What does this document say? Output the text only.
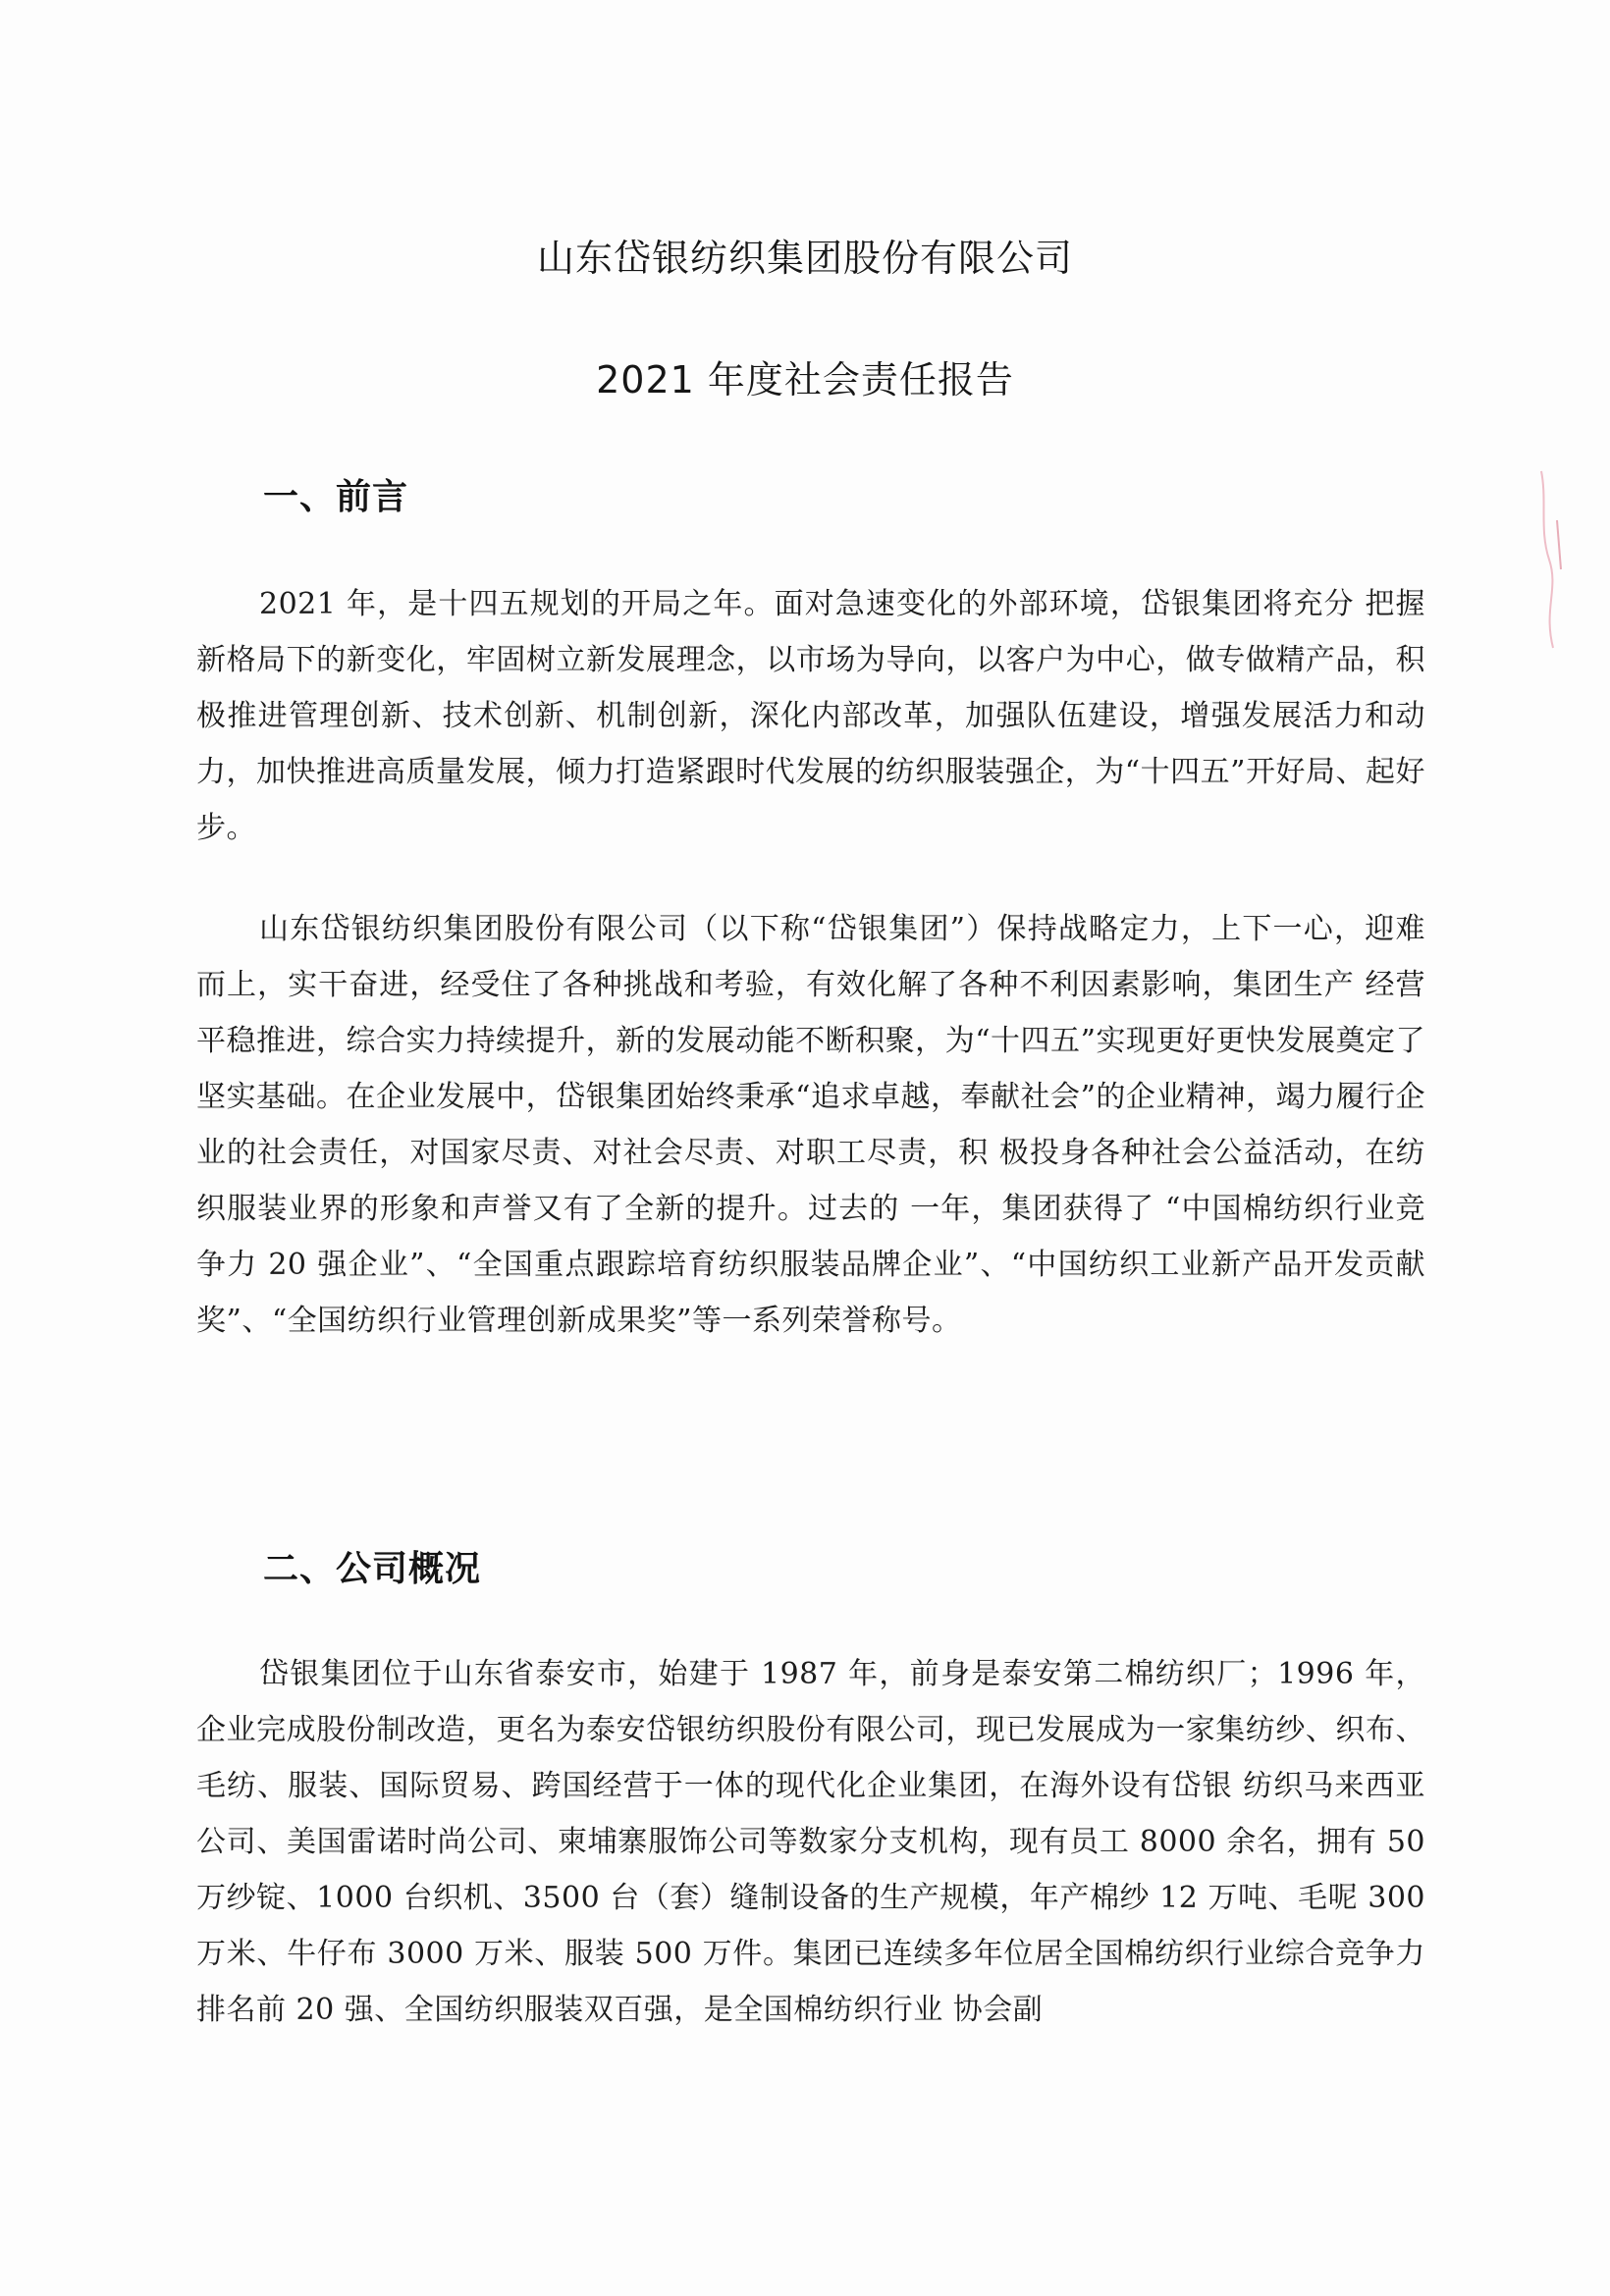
山东岱银纺织集团股份有限公司
2021 年度社会责任报告
一、前言

2021 年，是十四五规划的开局之年。面对急速变化的外部环境，岱银集团将充分 把握新格局下的新变化，牢固树立新发展理念，以市场为导向，以客户为中心，做专做精产品，积极推进管理创新、技术创新、机制创新，深化内部改革，加强队伍建设，增强发展活力和动力，加快推进高质量发展，倾力打造紧跟时代发展的纺织服装强企，为“十四五”开好局、起好步。

山东岱银纺织集团股份有限公司（以下称“岱银集团”）保持战略定力，上下一心，迎难而上，实干奋进，经受住了各种挑战和考验，有效化解了各种不利因素影响，集团生产 经营平稳推进，综合实力持续提升，新的发展动能不断积聚，为“十四五”实现更好更快发展奠定了坚实基础。在企业发展中，岱银集团始终秉承“追求卓越，奉献社会”的企业精神，竭力履行企业的社会责任，对国家尽责、对社会尽责、对职工尽责，积 极投身各种社会公益活动，在纺织服装业界的形象和声誉又有了全新的提升。过去的 一年，集团获得了 “中国棉纺织行业竞争力 20 强企业”、“全国重点跟踪培育纺织服装品牌企业”、“中国纺织工业新产品开发贡献奖”、“全国纺织行业管理创新成果奖”等一系列荣誉称号。

二、公司概况

岱银集团位于山东省泰安市，始建于 1987 年，前身是泰安第二棉纺织厂；1996 年，企业完成股份制改造，更名为泰安岱银纺织股份有限公司，现已发展成为一家集纺纱、织布、毛纺、服装、国际贸易、跨国经营于一体的现代化企业集团，在海外设有岱银 纺织马来西亚公司、美国雷诺时尚公司、柬埔寨服饰公司等数家分支机构，现有员工 8000 余名，拥有 50 万纱锭、1000 台织机、3500 台（套）缝制设备的生产规模，年产棉纱 12 万吨、毛呢 300 万米、牛仔布 3000 万米、服装 500 万件。集团已连续多年位居全国棉纺织行业综合竞争力排名前 20 强、全国纺织服装双百强，是全国棉纺织行业 协会副
